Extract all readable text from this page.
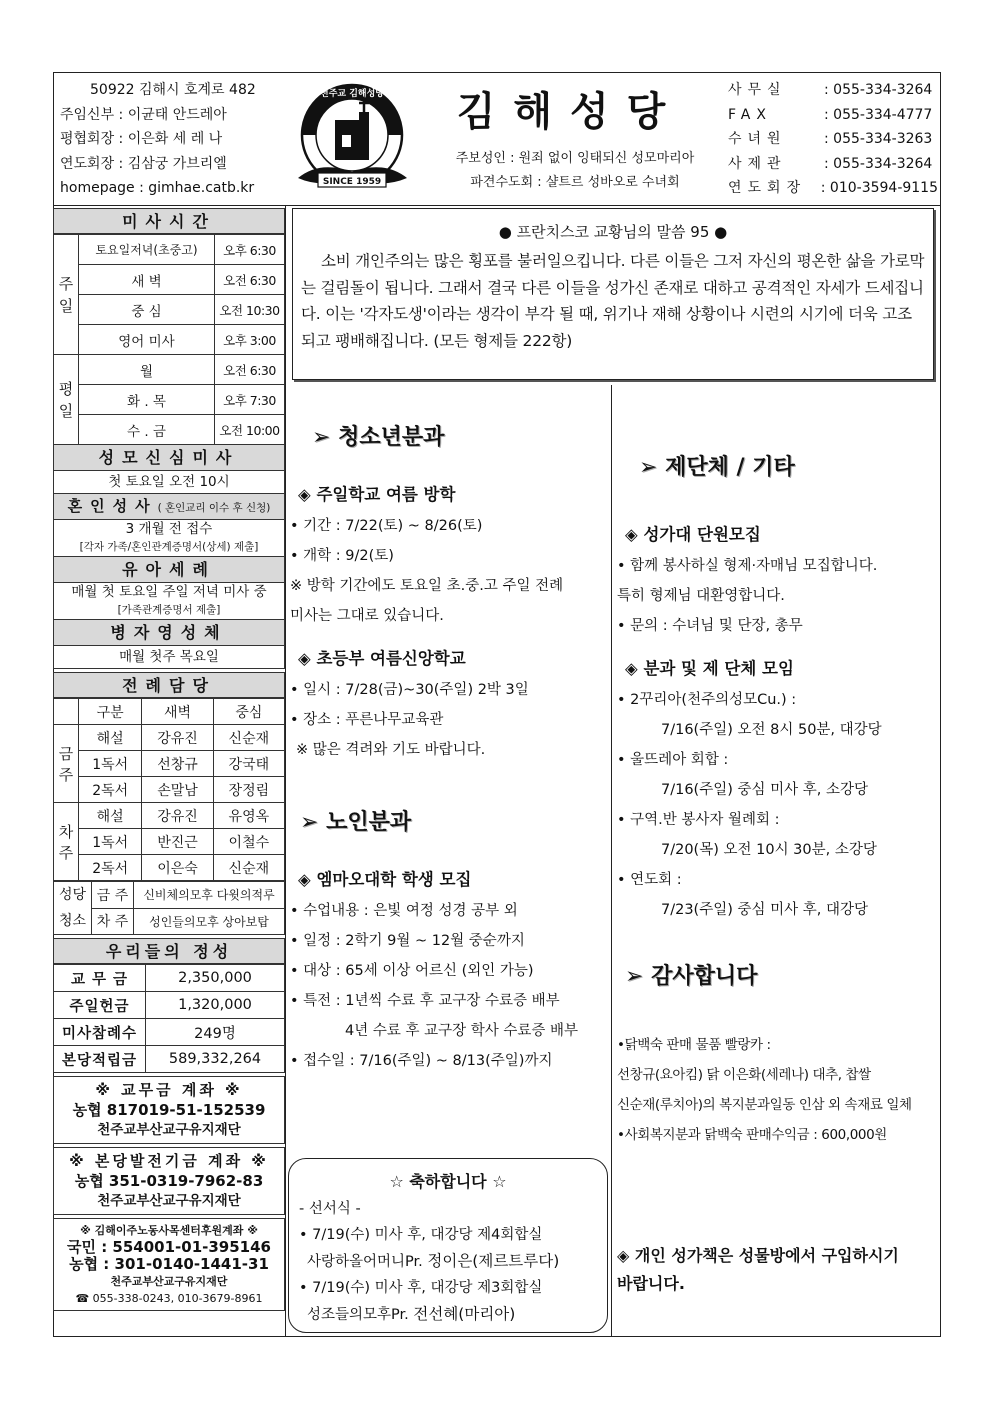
50922 김해시 호계로 482
주임신부 : 이균태 안드레아
평협회장 : 이은화 세 레 나
연도회장 : 김삼궁 가브리엘
homepage : gimhae.catb.kr
천주교 김해성당
SINCE 1959
김해성당
주보성인 : 원죄 없이 잉태되신 성모마리아
파견수도회 : 샬트르 성바오로 수녀회
사무실	: 055-334-3264
FAX	: 055-334-4777
수녀원	: 055-334-3263
사제관	: 055-334-3264
연도회장	: 010-3594-9115
미사시간
주
일	토요일저녁(초중고)	오후 6:30
	새 벽	오전 6:30
	중 심	오전 10:30
	영어 미사	오후 3:00
평
일	월	오전 6:30
	화 . 목	오후 7:30
	수 . 금	오전 10:00
성모신심미사
첫 토요일 오전 10시
혼인성사( 혼인교리 이수 후 신청)
3 개월 전 접수
[각자 가족/혼인관계증명서(상세) 제출]
유아세례
매월 첫 토요일 주일 저녁 미사 중
[가족관계증명서 제출]
병자영성체
매월 첫주 목요일
전례담당
	구분	새벽	중심
금
주	해설	강유진	신순재
	1독서	선창규	강국태
	2독서	손말남	장정림
차
주	해설	강유진	유영옥
	1독서	반진근	이철수
	2독서	이은숙	신순재
성당
청소	금 주	신비체의모후 다윗의적루
	차 주	성인들의모후 상아보탑
우리들의 정성
교 무 금	2,350,000
주일헌금	1,320,000
미사참례수	249명
본당적립금	589,332,264
※ 교무금 계좌 ※
농협 817019-51-152539
천주교부산교구유지재단
※ 본당발전기금 계좌 ※
농협 351-0319-7962-83
천주교부산교구유지재단
※ 김해이주노동사목센터후원계좌 ※
국민 : 554001-01-395146
농협 : 301-0140-1441-31
천주교부산교구유지재단
☎ 055-338-0243, 010-3679-8961
● 프란치스코 교황님의 말씀 95 ●
소비 개인주의는 많은 횡포를 불러일으킵니다. 다른 이들은 그저 자신의 평온한 삶을 가로막는 걸림돌이 됩니다. 그래서 결국 다른 이들을 성가신 존재로 대하고 공격적인 자세가 드세집니다. 이는 '각자도생'이라는 생각이 부각 될 때, 위기나 재해 상황이나 시련의 시기에 더욱 고조되고 팽배해집니다. (모든 형제들 222항)
➢ 청소년분과
◈ 주일학교 여름 방학
• 기간 : 7/22(토) ~ 8/26(토)
• 개학 : 9/2(토)
※ 방학 기간에도 토요일 초.중.고 주일 전례
미사는 그대로 있습니다.
◈ 초등부 여름신앙학교
• 일시 : 7/28(금)~30(주일) 2박 3일
• 장소 : 푸른나무교육관
※ 많은 격려와 기도 바랍니다.
➢ 노인분과
◈ 엠마오대학 학생 모집
• 수업내용 : 은빛 여정 성경 공부 외
• 일정 : 2학기 9월 ~ 12월 중순까지
• 대상 : 65세 이상 어르신 (외인 가능)
• 특전 : 1년씩 수료 후 교구장 수료증 배부
4년 수료 후 교구장 학사 수료증 배부
• 접수일 : 7/16(주일) ~ 8/13(주일)까지
☆ 축하합니다 ☆
- 선서식 -
• 7/19(수) 미사 후, 대강당 제4회합실
사랑하올어머니Pr. 정이은(제르트루다)
• 7/19(수) 미사 후, 대강당 제3회합실
성조들의모후Pr. 전선혜(마리아)
➢ 제단체 / 기타
◈ 성가대 단원모집
• 함께 봉사하실 형제·자매님 모집합니다.
특히 형제님 대환영합니다.
• 문의 : 수녀님 및 단장, 총무
◈ 분과 및 제 단체 모임
• 2꾸리아(천주의성모Cu.) :
7/16(주일) 오전 8시 50분, 대강당
• 울뜨레아 회합 :
7/16(주일) 중심 미사 후, 소강당
• 구역.반 봉사자 월례회 :
7/20(목) 오전 10시 30분, 소강당
• 연도회 :
7/23(주일) 중심 미사 후, 대강당
➢ 감사합니다
•닭백숙 판매 물품 빨랑카 :
선창규(요아킴) 닭 이은화(세레나) 대추, 찹쌀
신순재(루치아)의 복지분과일동 인삼 외 속재료 일체
•사회복지분과 닭백숙 판매수익금 : 600,000원
◈ 개인 성가책은 성물방에서 구입하시기
바랍니다.
